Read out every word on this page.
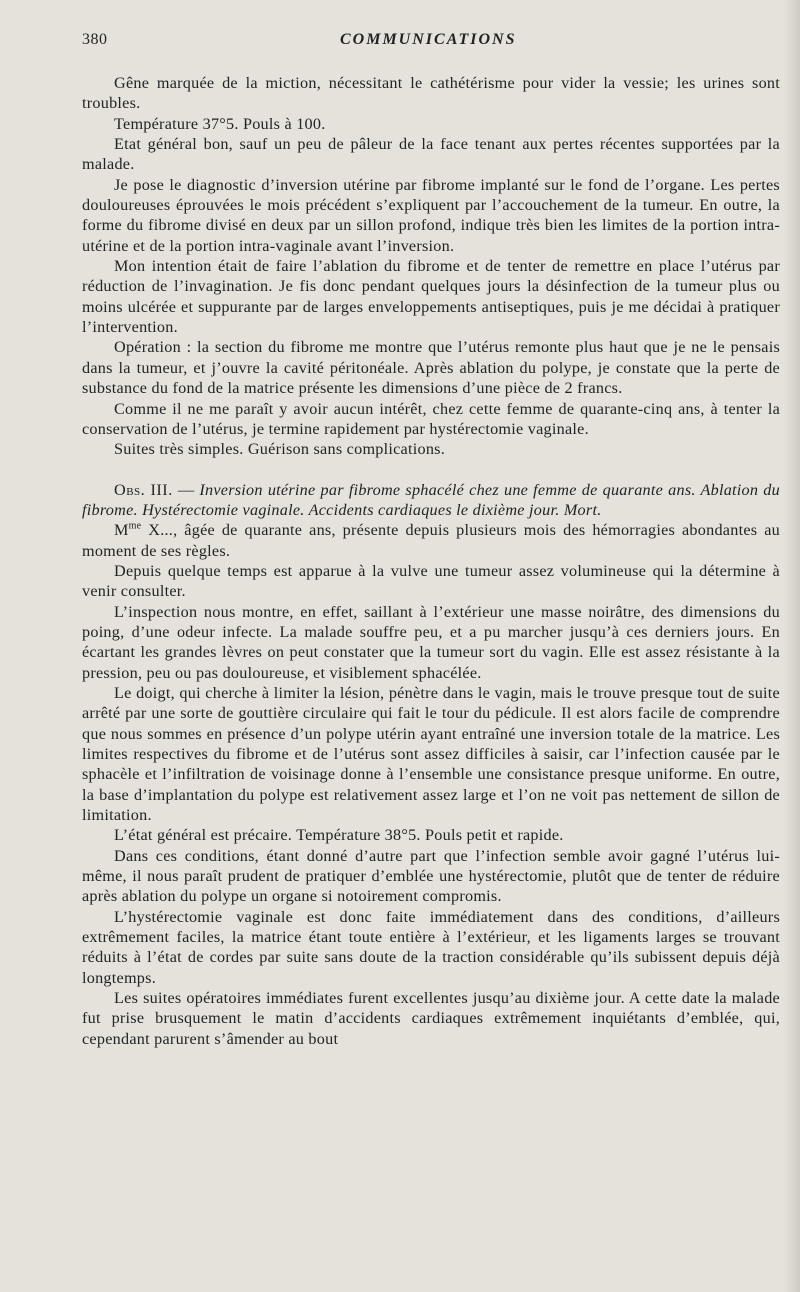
380	COMMUNICATIONS

Gêne marquée de la miction, nécessitant le cathétérisme pour vider la vessie; les urines sont troubles.

Température 37°5. Pouls à 100.

Etat général bon, sauf un peu de pâleur de la face tenant aux pertes récentes supportées par la malade.

Je pose le diagnostic d’inversion utérine par fibrome implanté sur le fond de l’organe. Les pertes douloureuses éprouvées le mois précédent s’expliquent par l’accouchement de la tumeur. En outre, la forme du fibrome divisé en deux par un sillon profond, indique très bien les limites de la portion intra-utérine et de la portion intra-vaginale avant l’inversion.

Mon intention était de faire l’ablation du fibrome et de tenter de remettre en place l’utérus par réduction de l’invagination. Je fis donc pendant quelques jours la désinfection de la tumeur plus ou moins ulcérée et suppurante par de larges enveloppements antiseptiques, puis je me décidai à pratiquer l’intervention.

Opération : la section du fibrome me montre que l’utérus remonte plus haut que je ne le pensais dans la tumeur, et j’ouvre la cavité péritonéale. Après ablation du polype, je constate que la perte de substance du fond de la matrice présente les dimensions d’une pièce de 2 francs.

Comme il ne me paraît y avoir aucun intérêt, chez cette femme de quarante-cinq ans, à tenter la conservation de l’utérus, je termine rapidement par hystérectomie vaginale.

Suites très simples. Guérison sans complications.

Obs. III. — Inversion utérine par fibrome sphacélé chez une femme de quarante ans. Ablation du fibrome. Hystérectomie vaginale. Accidents cardiaques le dixième jour. Mort.

$M^{me}$ X..., âgée de quarante ans, présente depuis plusieurs mois des hémorragies abondantes au moment de ses règles.

Depuis quelque temps est apparue à la vulve une tumeur assez volumineuse qui la détermine à venir consulter.

L’inspection nous montre, en effet, saillant à l’extérieur une masse noirâtre, des dimensions du poing, d’une odeur infecte. La malade souffre peu, et a pu marcher jusqu’à ces derniers jours. En écartant les grandes lèvres on peut constater que la tumeur sort du vagin. Elle est assez résistante à la pression, peu ou pas douloureuse, et visiblement sphacélée.

Le doigt, qui cherche à limiter la lésion, pénètre dans le vagin, mais le trouve presque tout de suite arrêté par une sorte de gouttière circulaire qui fait le tour du pédicule. Il est alors facile de comprendre que nous sommes en présence d’un polype utérin ayant entraîné une inversion totale de la matrice. Les limites respectives du fibrome et de l’utérus sont assez difficiles à saisir, car l’infection causée par le sphacèle et l’infiltration de voisinage donne à l’ensemble une consistance presque uniforme. En outre, la base d’implantation du polype est relativement assez large et l’on ne voit pas nettement de sillon de limitation.

L’état général est précaire. Température 38°5. Pouls petit et rapide.

Dans ces conditions, étant donné d’autre part que l’infection semble avoir gagné l’utérus lui-même, il nous paraît prudent de pratiquer d’emblée une hystérectomie, plutôt que de tenter de réduire après ablation du polype un organe si notoirement compromis.

L’hystérectomie vaginale est donc faite immédiatement dans des conditions, d’ailleurs extrêmement faciles, la matrice étant toute entière à l’extérieur, et les ligaments larges se trouvant réduits à l’état de cordes par suite sans doute de la traction considérable qu’ils subissent depuis déjà longtemps.

Les suites opératoires immédiates furent excellentes jusqu’au dixième jour. A cette date la malade fut prise brusquement le matin d’accidents cardiaques extrêmement inquiétants d’emblée, qui, cependant parurent s’âmender au bout
